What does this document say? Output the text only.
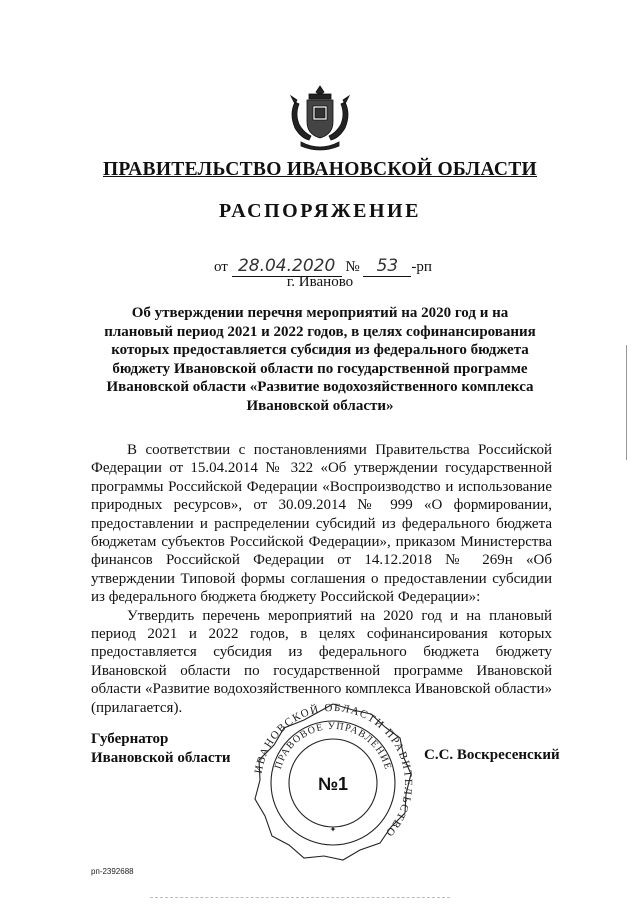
ПРАВИТЕЛЬСТВО ИВАНОВСКОЙ ОБЛАСТИ
РАСПОРЯЖЕНИЕ
от 28.04.2020 № 53 -рп
г. Иваново
Об утверждении перечня мероприятий на 2020 год и на плановый период 2021 и 2022 годов, в целях софинансирования которых предоставляется субсидия из федерального бюджета бюджету Ивановской области по государственной программе Ивановской области «Развитие водохозяйственного комплекса Ивановской области»

В соответствии с постановлениями Правительства Российской Федерации от 15.04.2014 № 322 «Об утверждении государственной программы Российской Федерации «Воспроизводство и использование природных ресурсов», от 30.09.2014 № 999 «О формировании, предоставлении и распределении субсидий из федерального бюджета бюджетам субъектов Российской Федерации», приказом Министерства финансов Российской Федерации от 14.12.2018 № 269н «Об утверждении Типовой формы соглашения о предоставлении субсидии из федерального бюджета бюджету Российской Федерации»:

Утвердить перечень мероприятий на 2020 год и на плановый период 2021 и 2022 годов, в целях софинансирования которых предоставляется субсидия из федерального бюджета бюджету Ивановской области по государственной программе Ивановской области «Развитие водохозяйственного комплекса Ивановской области» (прилагается).

Губернатор
Ивановской области	С.С. Воскресенский
ИВАНОВСКОЙ ОБЛАСТИ ПРАВИТЕЛЬСТВО
ПРАВОВОЕ УПРАВЛЕНИЕ
№1
✦
рп-2392688
